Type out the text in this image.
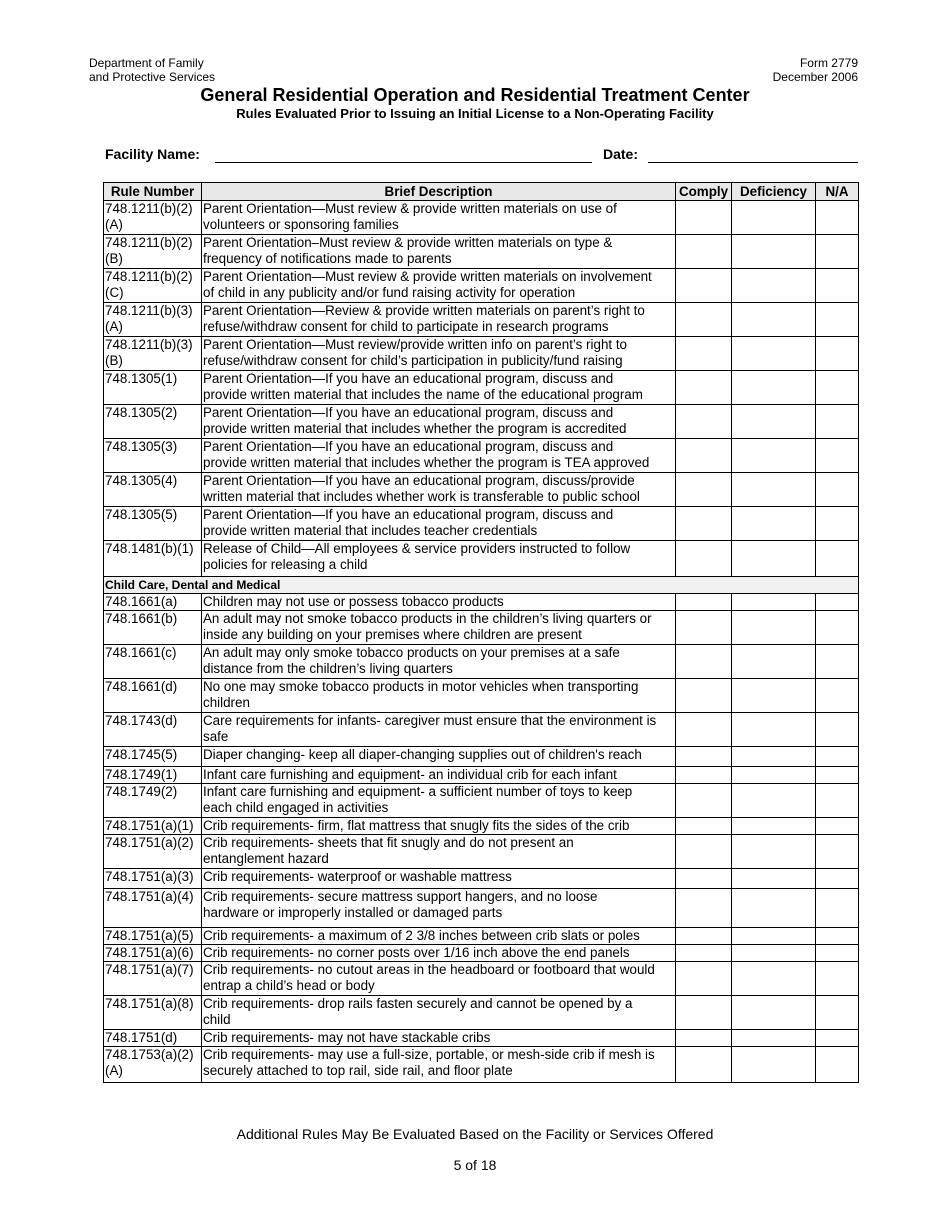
Department of Family
and Protective Services
Form 2779
December 2006
General Residential Operation and Residential Treatment Center
Rules Evaluated Prior to Issuing an Initial License to a Non-Operating Facility
Facility Name:	Date:
Rule Number	Brief Description	Comply	Deficiency	N/A
748.1211(b)(2)
(A)	Parent Orientation—Must review & provide written materials on use of
volunteers or sponsoring families			
748.1211(b)(2)
(B)	Parent Orientation–Must review & provide written materials on type &
frequency of notifications made to parents			
748.1211(b)(2)
(C)	Parent Orientation—Must review & provide written materials on involvement
of child in any publicity and/or fund raising activity for operation			
748.1211(b)(3)
(A)	Parent Orientation—Review & provide written materials on parent’s right to
refuse/withdraw consent for child to participate in research programs			
748.1211(b)(3)
(B)	Parent Orientation—Must review/provide written info on parent’s right to
refuse/withdraw consent for child’s participation in publicity/fund raising			
748.1305(1)	Parent Orientation—If you have an educational program, discuss and
provide written material that includes the name of the educational program			
748.1305(2)	Parent Orientation—If you have an educational program, discuss and
provide written material that includes whether the program is accredited			
748.1305(3)	Parent Orientation—If you have an educational program, discuss and
provide written material that includes whether the program is TEA approved			
748.1305(4)	Parent Orientation—If you have an educational program, discuss/provide
written material that includes whether work is transferable to public school			
748.1305(5)	Parent Orientation—If you have an educational program, discuss and
provide written material that includes teacher credentials			
748.1481(b)(1)	Release of Child—All employees & service providers instructed to follow
policies for releasing a child			
Child Care, Dental and Medical				
748.1661(a)	Children may not use or possess tobacco products			
748.1661(b)	An adult may not smoke tobacco products in the children’s living quarters or
inside any building on your premises where children are present			
748.1661(c)	An adult may only smoke tobacco products on your premises at a safe
distance from the children’s living quarters			
748.1661(d)	No one may smoke tobacco products in motor vehicles when transporting
children			
748.1743(d)	Care requirements for infants- caregiver must ensure that the environment is
safe			
748.1745(5)	Diaper changing- keep all diaper-changing supplies out of children's reach			
748.1749(1)	Infant care furnishing and equipment- an individual crib for each infant			
748.1749(2)	Infant care furnishing and equipment- a sufficient number of toys to keep
each child engaged in activities			
748.1751(a)(1)	Crib requirements- firm, flat mattress that snugly fits the sides of the crib			
748.1751(a)(2)	Crib requirements- sheets that fit snugly and do not present an
entanglement hazard			
748.1751(a)(3)	Crib requirements- waterproof or washable mattress			
748.1751(a)(4)	Crib requirements- secure mattress support hangers, and no loose
hardware or improperly installed or damaged parts			
748.1751(a)(5)	Crib requirements- a maximum of 2 3/8 inches between crib slats or poles			
748.1751(a)(6)	Crib requirements- no corner posts over 1/16 inch above the end panels			
748.1751(a)(7)	Crib requirements- no cutout areas in the headboard or footboard that would
entrap a child’s head or body			
748.1751(a)(8)	Crib requirements- drop rails fasten securely and cannot be opened by a
child			
748.1751(d)	Crib requirements- may not have stackable cribs			
748.1753(a)(2)
(A)	Crib requirements- may use a full-size, portable, or mesh-side crib if mesh is
securely attached to top rail, side rail, and floor plate			
Additional Rules May Be Evaluated Based on the Facility or Services Offered
5 of 18
